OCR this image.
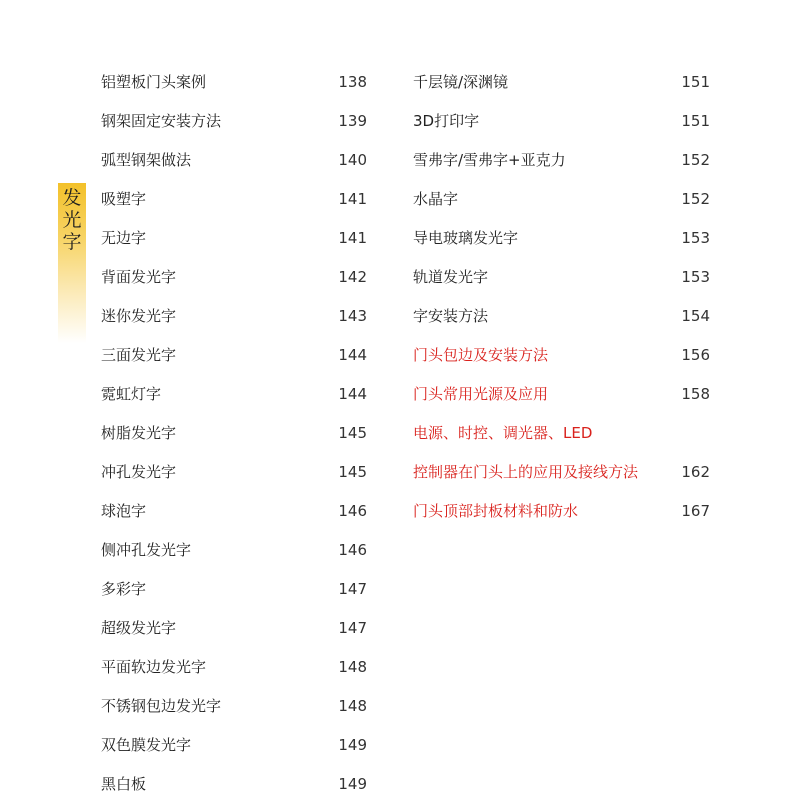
发光字
铝塑板门头案例	138
钢架固定安装方法	139
弧型钢架做法	140
吸塑字	141
无边字	141
背面发光字	142
迷你发光字	143
三面发光字	144
霓虹灯字	144
树脂发光字	145
冲孔发光字	145
球泡字	146
侧冲孔发光字	146
多彩字	147
超级发光字	147
平面软边发光字	148
不锈钢包边发光字	148
双色膜发光字	149
黑白板	149
千层镜/深渊镜	151
3D打印字	151
雪弗字/雪弗字+亚克力	152
水晶字	152
导电玻璃发光字	153
轨道发光字	153
字安装方法	154
门头包边及安装方法	156
门头常用光源及应用	158
电源、时控、调光器、LED
控制器在门头上的应用及接线方法	162
门头顶部封板材料和防水	167
